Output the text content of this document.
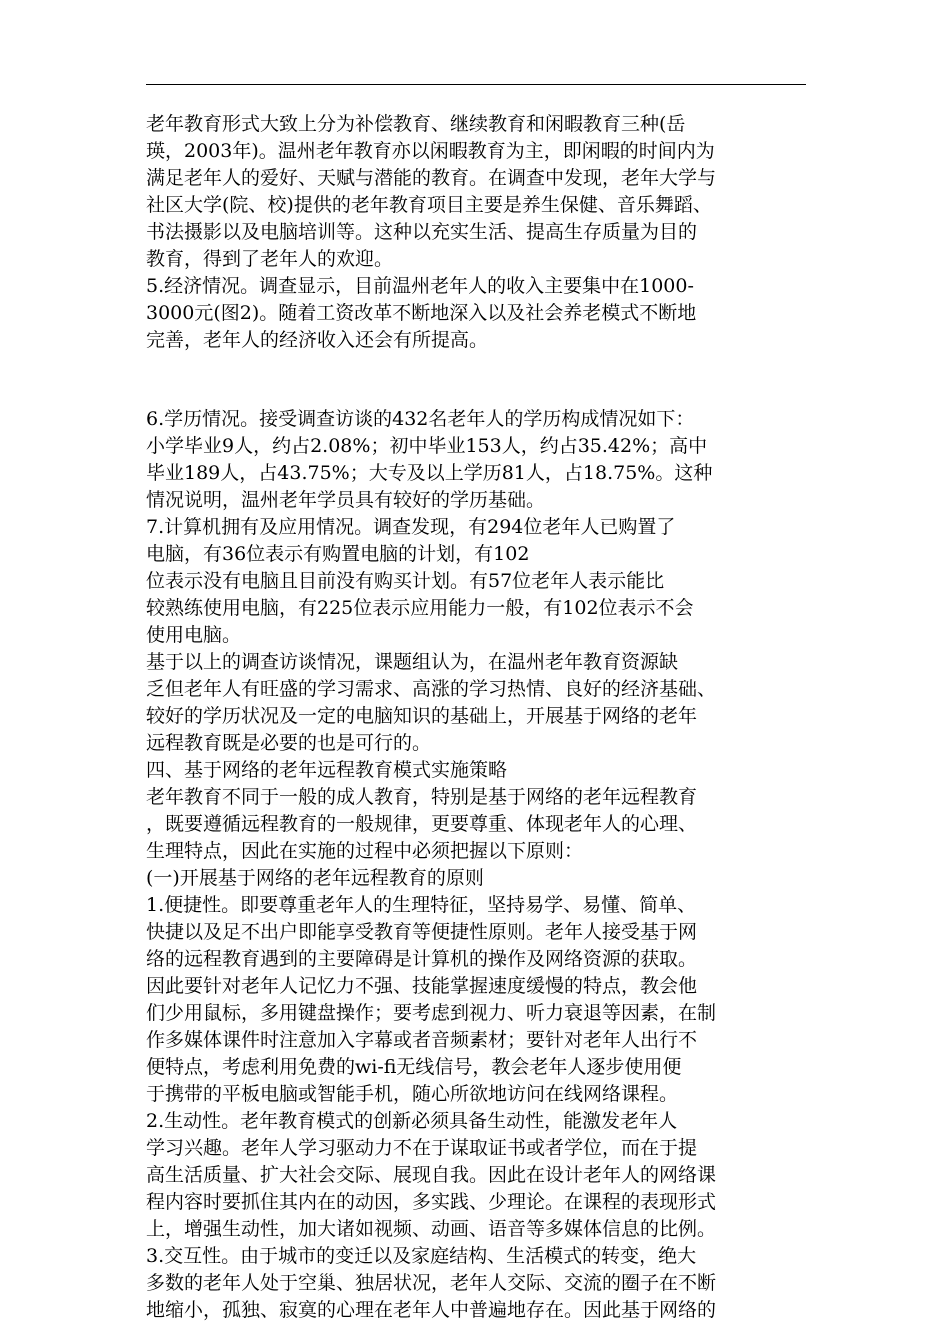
老年教育形式大致上分为补偿教育、继续教育和闲暇教育三种(岳
瑛，2003年)。温州老年教育亦以闲暇教育为主，即闲暇的时间内为
满足老年人的爱好、天赋与潜能的教育。在调查中发现，老年大学与
社区大学(院、校)提供的老年教育项目主要是养生保健、音乐舞蹈、
书法摄影以及电脑培训等。这种以充实生活、提高生存质量为目的
教育，得到了老年人的欢迎。
5.经济情况。调查显示，目前温州老年人的收入主要集中在1000-
3000元(图2)。随着工资改革不断地深入以及社会养老模式不断地
完善，老年人的经济收入还会有所提高。
6.学历情况。接受调查访谈的432名老年人的学历构成情况如下：
小学毕业9人，约占2.08%；初中毕业153人，约占35.42%；高中
毕业189人，占43.75%；大专及以上学历81人，占18.75%。这种
情况说明，温州老年学员具有较好的学历基础。
7.计算机拥有及应用情况。调查发现，有294位老年人已购置了
电脑，有36位表示有购置电脑的计划，有102
位表示没有电脑且目前没有购买计划。有57位老年人表示能比
较熟练使用电脑，有225位表示应用能力一般，有102位表示不会
使用电脑。
基于以上的调查访谈情况，课题组认为，在温州老年教育资源缺
乏但老年人有旺盛的学习需求、高涨的学习热情、良好的经济基础、
较好的学历状况及一定的电脑知识的基础上，开展基于网络的老年
远程教育既是必要的也是可行的。
四、基于网络的老年远程教育模式实施策略
老年教育不同于一般的成人教育，特别是基于网络的老年远程教育
，既要遵循远程教育的一般规律，更要尊重、体现老年人的心理、
生理特点，因此在实施的过程中必须把握以下原则：
(一)开展基于网络的老年远程教育的原则
1.便捷性。即要尊重老年人的生理特征，坚持易学、易懂、简单、
快捷以及足不出户即能享受教育等便捷性原则。老年人接受基于网
络的远程教育遇到的主要障碍是计算机的操作及网络资源的获取。
因此要针对老年人记忆力不强、技能掌握速度缓慢的特点，教会他
们少用鼠标，多用键盘操作；要考虑到视力、听力衰退等因素，在制
作多媒体课件时注意加入字幕或者音频素材；要针对老年人出行不
便特点，考虑利用免费的wi-fi无线信号，教会老年人逐步使用便
于携带的平板电脑或智能手机，随心所欲地访问在线网络课程。
2.生动性。老年教育模式的创新必须具备生动性，能激发老年人
学习兴趣。老年人学习驱动力不在于谋取证书或者学位，而在于提
高生活质量、扩大社会交际、展现自我。因此在设计老年人的网络课
程内容时要抓住其内在的动因，多实践、少理论。在课程的表现形式
上，增强生动性，加大诸如视频、动画、语音等多媒体信息的比例。
3.交互性。由于城市的变迁以及家庭结构、生活模式的转变，绝大
多数的老年人处于空巢、独居状况，老年人交际、交流的圈子在不断
地缩小，孤独、寂寞的心理在老年人中普遍地存在。因此基于网络的
